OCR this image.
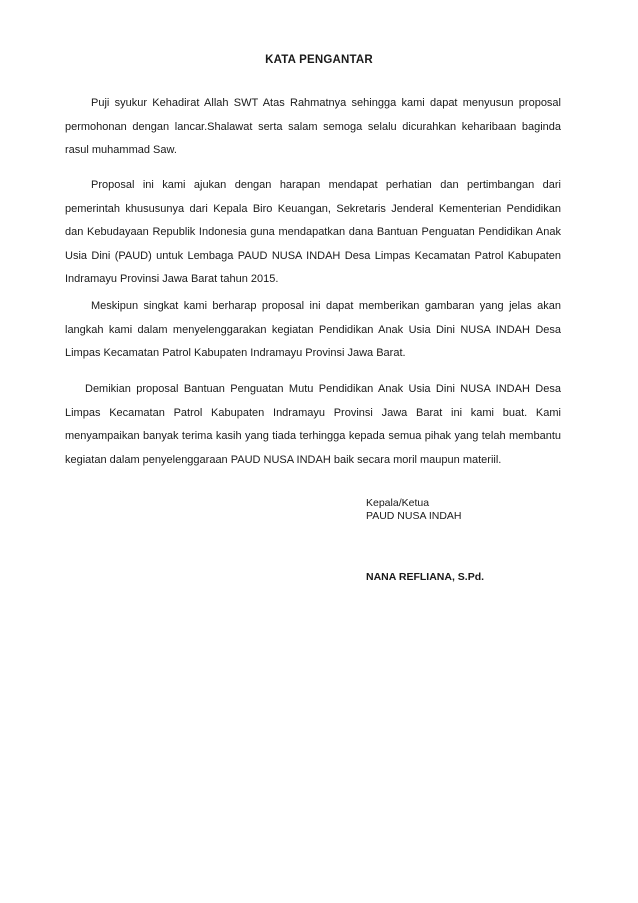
KATA PENGANTAR

Puji syukur Kehadirat Allah SWT Atas Rahmatnya sehingga kami dapat menyusun proposal permohonan dengan lancar.Shalawat serta salam semoga selalu dicurahkan keharibaan baginda rasul muhammad Saw.

Proposal ini kami ajukan dengan harapan mendapat perhatian dan pertimbangan dari pemerintah khususunya dari Kepala Biro Keuangan, Sekretaris Jenderal Kementerian Pendidikan dan Kebudayaan Republik Indonesia guna mendapatkan dana Bantuan Penguatan Pendidikan Anak Usia Dini (PAUD) untuk Lembaga PAUD NUSA INDAH Desa Limpas Kecamatan Patrol Kabupaten Indramayu Provinsi Jawa Barat tahun 2015.

Meskipun singkat kami berharap proposal ini dapat memberikan gambaran yang jelas akan langkah kami dalam menyelenggarakan kegiatan Pendidikan Anak Usia Dini NUSA INDAH Desa Limpas Kecamatan Patrol Kabupaten Indramayu Provinsi Jawa Barat.

Demikian proposal Bantuan Penguatan Mutu Pendidikan Anak Usia Dini NUSA INDAH Desa Limpas Kecamatan Patrol Kabupaten Indramayu Provinsi Jawa Barat ini kami buat. Kami menyampaikan banyak terima kasih yang tiada terhingga kepada semua pihak yang telah membantu kegiatan dalam penyelenggaraan PAUD NUSA INDAH baik secara moril maupun materiil.

Kepala/Ketua
PAUD NUSA INDAH
NANA REFLIANA, S.Pd.
